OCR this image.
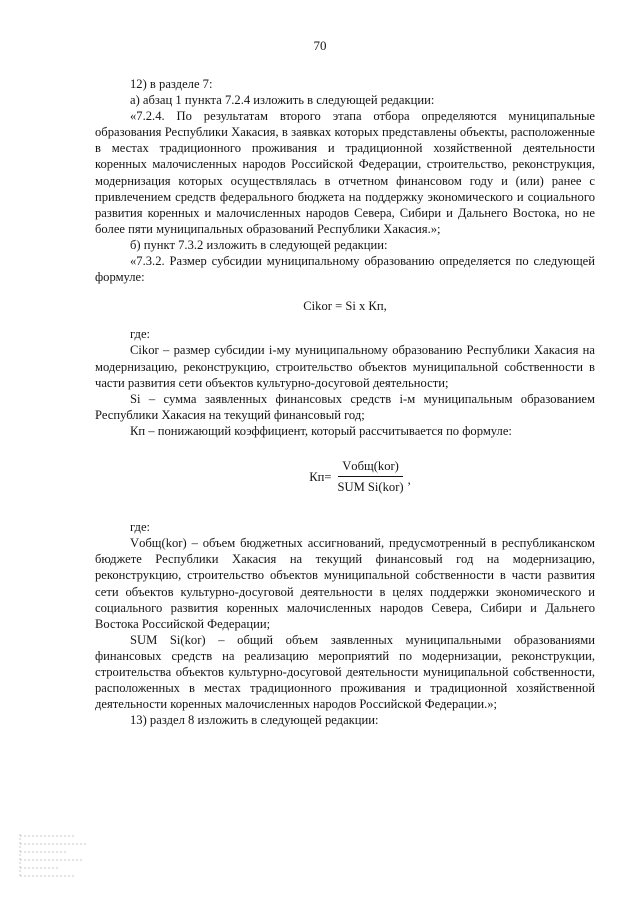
70

12) в разделе 7:

а) абзац 1 пункта 7.2.4 изложить в следующей редакции:

«7.2.4. По результатам второго этапа отбора определяются муниципальные образования Республики Хакасия, в заявках которых представлены объекты, расположенные в местах традиционного проживания и традиционной хозяйственной деятельности коренных малочисленных народов Российской Федерации, строительство, реконструкция, модернизация которых осуществлялась в отчетном финансовом году и (или) ранее с привлечением средств федерального бюджета на поддержку экономического и социального развития коренных и малочисленных народов Севера, Сибири и Дальнего Востока, но не более пяти муниципальных образований Республики Хакасия.»;

б) пункт 7.3.2 изложить в следующей редакции:

«7.3.2. Размер субсидии муниципальному образованию определяется по следующей формуле:

Cikor = Si x Кп,

где:

Cikor – размер субсидии i-му муниципальному образованию Республики Хакасия на модернизацию, реконструкцию, строительство объектов муниципальной собственности в части развития сети объектов культурно-досуговой деятельности;

Si – сумма заявленных финансовых средств i-м муниципальным образованием Республики Хакасия на текущий финансовый год;

Кп – понижающий коэффициент, который рассчитывается по формуле:

$Кп= \frac{\text{Vобщ(kor)}}{\text{SUM Si(kor)}}$ ,

где:

Vобщ(kor) – объем бюджетных ассигнований, предусмотренный в республиканском бюджете Республики Хакасия на текущий финансовый год на модернизацию, реконструкцию, строительство объектов муниципальной собственности в части развития сети объектов культурно-досуговой деятельности в целях поддержки экономического и социального развития коренных малочисленных народов Севера, Сибири и Дальнего Востока Российской Федерации;

SUM Si(kor) – общий объем заявленных муниципальными образованиями финансовых средств на реализацию мероприятий по модернизации, реконструкции, строительства объектов культурно-досуговой деятельности муниципальной собственности, расположенных в местах традиционного проживания и традиционной хозяйственной деятельности коренных малочисленных народов Российской Федерации.»;

13) раздел 8 изложить в следующей редакции:
